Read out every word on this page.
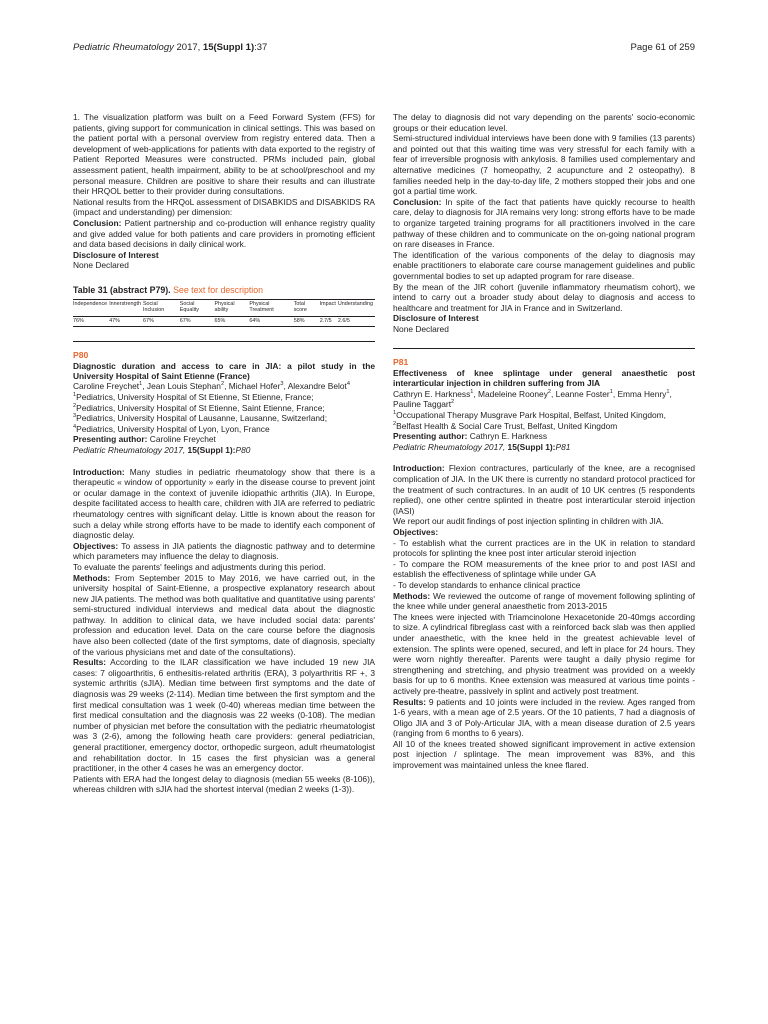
Pediatric Rheumatology 2017, 15(Suppl 1):37	Page 61 of 259

1. The visualization platform was built on a Feed Forward System (FFS) for patients, giving support for communication in clinical settings. This was based on the patient portal with a personal overview from registry entered data. Then a development of web-applications for patients with data exported to the registry of Patient Reported Measures were constructed. PRMs included pain, global assessment patient, health impairment, ability to be at school/preschool and my personal measure. Children are positive to share their results and can illustrate their HRQOL better to their provider during consultations.

National results from the HRQoL assessment of DISABKIDS and DISABKIDS RA (impact and understanding) per dimension:

Conclusion: Patient partnership and co-production will enhance registry quality and give added value for both patients and care providers in promoting efficient and data based decisions in daily clinical work.

Disclosure of Interest

None Declared

Table 31 (abstract P79). See text for description

Independence	Innerstrength	Social Inclusion	Social Equality	Physical ability	Physical Treatment	Total score	Impact	Understanding
76%	47%	67%	67%	65%	64%	58%	2.7/5	2.6/5

P80

Diagnostic duration and access to care in JIA: a pilot study in the University Hospital of Saint Etienne (France)

Caroline Freychet$^1$, Jean Louis Stephan$^2$, Michael Hofer$^3$, Alexandre Belot$^4$

$^1$Pediatrics, University Hospital of St Etienne, St Etienne, France;

$^2$Pediatrics, University Hospital of St Etienne, Saint Etienne, France;

$^3$Pediatrics, University Hospital of Lausanne, Lausanne, Switzerland;

$^4$Pediatrics, University Hospital of Lyon, Lyon, France

Presenting author: Caroline Freychet

Pediatric Rheumatology 2017, 15(Suppl 1):P80

Introduction: Many studies in pediatric rheumatology show that there is a therapeutic « window of opportunity » early in the disease course to prevent joint or ocular damage in the context of juvenile idiopathic arthritis (JIA). In Europe, despite facilitated access to health care, children with JIA are referred to pediatric rheumatology centres with significant delay. Little is known about the reason for such a delay while strong efforts have to be made to identify each component of diagnostic delay.

Objectives: To assess in JIA patients the diagnostic pathway and to determine which parameters may influence the delay to diagnosis.

To evaluate the parents' feelings and adjustments during this period.

Methods: From September 2015 to May 2016, we have carried out, in the university hospital of Saint-Etienne, a prospective explanatory research about new JIA patients. The method was both qualitative and quantitative using parents' semi-structured individual interviews and medical data about the diagnostic pathway. In addition to clinical data, we have included social data: parents' profession and education level. Data on the care course before the diagnosis have also been collected (date of the first symptoms, date of diagnosis, specialty of the various physicians met and date of the consultations).

Results: According to the ILAR classification we have included 19 new JIA cases: 7 oligoarthritis, 6 enthesitis-related arthritis (ERA), 3 polyarthritis RF +, 3 systemic arthritis (sJIA). Median time between first symptoms and the date of diagnosis was 29 weeks (2-114). Median time between the first symptom and the first medical consultation was 1 week (0-40) whereas median time between the first medical consultation and the diagnosis was 22 weeks (0-108). The median number of physician met before the consultation with the pediatric rheumatologist was 3 (2-6), among the following heath care providers: general pediatrician, general practitioner, emergency doctor, orthopedic surgeon, adult rheumatologist and rehabilitation doctor. In 15 cases the first physician was a general practitioner, in the other 4 cases he was an emergency doctor.

Patients with ERA had the longest delay to diagnosis (median 55 weeks (8-106)), whereas children with sJIA had the shortest interval (median 2 weeks (1-3)).

The delay to diagnosis did not vary depending on the parents' socio-economic groups or their education level.

Semi-structured individual interviews have been done with 9 families (13 parents) and pointed out that this waiting time was very stressful for each family with a fear of irreversible prognosis with ankylosis. 8 families used complementary and alternative medicines (7 homeopathy, 2 acupuncture and 2 osteopathy). 8 families needed help in the day-to-day life, 2 mothers stopped their jobs and one got a partial time work.

Conclusion: In spite of the fact that patients have quickly recourse to health care, delay to diagnosis for JIA remains very long: strong efforts have to be made to organize targeted training programs for all practitioners involved in the care pathway of these children and to communicate on the on-going national program on rare diseases in France.

The identification of the various components of the delay to diagnosis may enable practitioners to elaborate care course management guidelines and public governmental bodies to set up adapted program for rare disease.

By the mean of the JIR cohort (juvenile inflammatory rheumatism cohort), we intend to carry out a broader study about delay to diagnosis and access to healthcare and treatment for JIA in France and in Switzerland.

Disclosure of Interest

None Declared

P81

Effectiveness of knee splintage under general anaesthetic post interarticular injection in children suffering from JIA

Cathryn E. Harkness$^1$, Madeleine Rooney$^2$, Leanne Foster$^1$, Emma Henry$^1$, Pauline Taggart$^2$

$^1$Occupational Therapy Musgrave Park Hospital, Belfast, United Kingdom,

$^2$Belfast Health & Social Care Trust, Belfast, United Kingdom

Presenting author: Cathryn E. Harkness

Pediatric Rheumatology 2017, 15(Suppl 1):P81

Introduction: Flexion contractures, particularly of the knee, are a recognised complication of JIA. In the UK there is currently no standard protocol practiced for the treatment of such contractures. In an audit of 10 UK centres (5 respondents replied), one other centre splinted in theatre post interarticular steroid injection (IASI)

We report our audit findings of post injection splinting in children with JIA.

Objectives:

- To establish what the current practices are in the UK in relation to standard protocols for splinting the knee post inter articular steroid injection

- To compare the ROM measurements of the knee prior to and post IASI and establish the effectiveness of splintage while under GA

- To develop standards to enhance clinical practice

Methods: We reviewed the outcome of range of movement following splinting of the knee while under general anaesthetic from 2013-2015

The knees were injected with Triamcinolone Hexacetonide 20-40mgs according to size. A cylindrical fibreglass cast with a reinforced back slab was then applied under anaesthetic, with the knee held in the greatest achievable level of extension. The splints were opened, secured, and left in place for 24 hours. They were worn nightly thereafter. Parents were taught a daily physio regime for strengthening and stretching, and physio treatment was provided on a weekly basis for up to 6 months. Knee extension was measured at various time points - actively pre-theatre, passively in splint and actively post treatment.

Results: 9 patients and 10 joints were included in the review. Ages ranged from 1-6 years, with a mean age of 2.5 years. Of the 10 patients, 7 had a diagnosis of Oligo JIA and 3 of Poly-Articular JIA, with a mean disease duration of 2.5 years (ranging from 6 months to 6 years).

All 10 of the knees treated showed significant improvement in active extension post injection / splintage. The mean improvement was 83%, and this improvement was maintained unless the knee flared.
